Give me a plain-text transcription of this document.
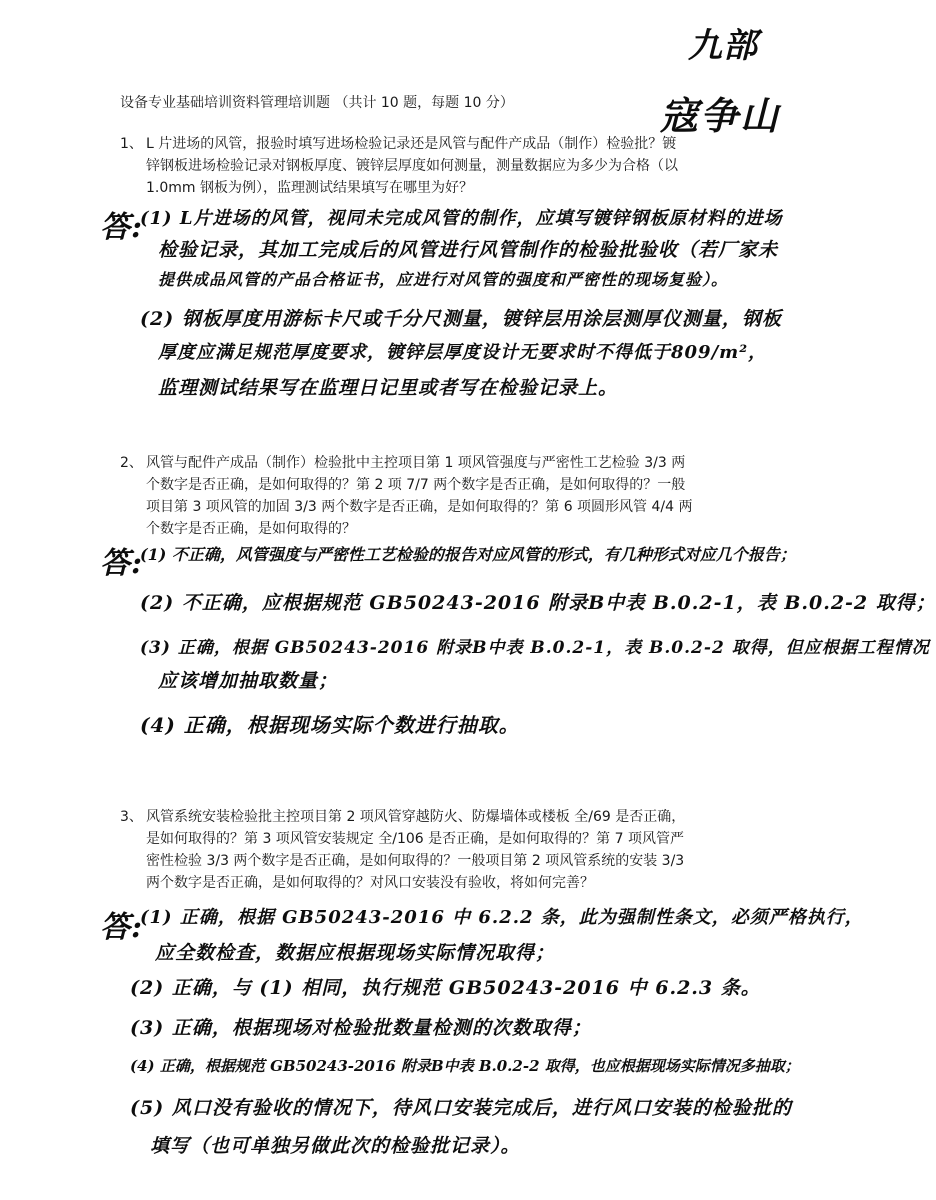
九部
寇争山
设备专业基础培训资料管理培训题 （共计 10 题，每题 10 分）
1、 L 片进场的风管，报验时填写进场检验记录还是风管与配件产成品（制作）检验批？镀
锌钢板进场检验记录对钢板厚度、镀锌层厚度如何测量，测量数据应为多少为合格（以
1.0mm 钢板为例），监理测试结果填写在哪里为好？
答:
(1) L片进场的风管，视同未完成风管的制作，应填写镀锌钢板原材料的进场
检验记录，其加工完成后的风管进行风管制作的检验批验收（若厂家未
提供成品风管的产品合格证书，应进行对风管的强度和严密性的现场复验）。
(2) 钢板厚度用游标卡尺或千分尺测量，镀锌层用涂层测厚仪测量，钢板
厚度应满足规范厚度要求，镀锌层厚度设计无要求时不得低于809/m²，
监理测试结果写在监理日记里或者写在检验记录上。
2、 风管与配件产成品（制作）检验批中主控项目第 1 项风管强度与严密性工艺检验 3/3 两
个数字是否正确，是如何取得的？第 2 项 7/7 两个数字是否正确，是如何取得的？一般
项目第 3 项风管的加固 3/3 两个数字是否正确，是如何取得的？第 6 项圆形风管 4/4 两
个数字是否正确，是如何取得的？
答:
(1) 不正确，风管强度与严密性工艺检验的报告对应风管的形式，有几种形式对应几个报告；
(2) 不正确，应根据规范 GB50243-2016 附录B中表 B.0.2-1，表 B.0.2-2 取得；
(3) 正确，根据 GB50243-2016 附录B中表 B.0.2-1，表 B.0.2-2 取得，但应根据工程情况
应该增加抽取数量；
(4) 正确，根据现场实际个数进行抽取。
3、 风管系统安装检验批主控项目第 2 项风管穿越防火、防爆墙体或楼板 全/69 是否正确，
是如何取得的？第 3 项风管安装规定 全/106 是否正确，是如何取得的？第 7 项风管严
密性检验 3/3 两个数字是否正确，是如何取得的？一般项目第 2 项风管系统的安装 3/3
两个数字是否正确，是如何取得的？对风口安装没有验收，将如何完善？
答:
(1) 正确，根据 GB50243-2016 中 6.2.2 条，此为强制性条文，必须严格执行，
应全数检查，数据应根据现场实际情况取得；
(2) 正确，与 (1) 相同，执行规范 GB50243-2016 中 6.2.3 条。
(3) 正确，根据现场对检验批数量检测的次数取得；
(4) 正确，根据规范 GB50243-2016 附录B中表 B.0.2-2 取得，也应根据现场实际情况多抽取；
(5) 风口没有验收的情况下，待风口安装完成后，进行风口安装的检验批的
填写（也可单独另做此次的检验批记录）。
